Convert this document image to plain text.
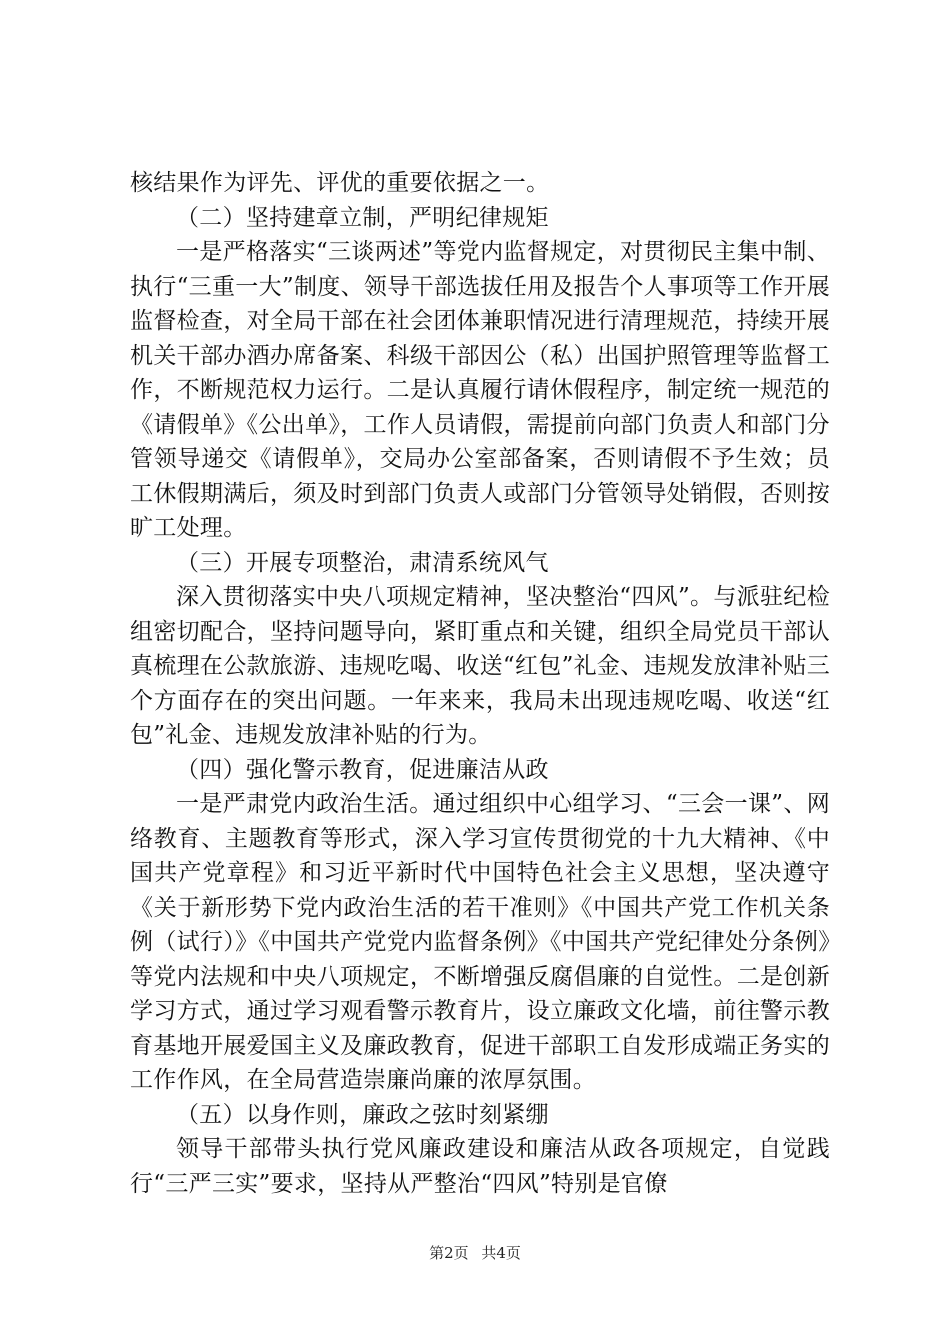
核结果作为评先、评优的重要依据之一。

（二）坚持建章立制，严明纪律规矩

一是严格落实“三谈两述”等党内监督规定，对贯彻民主集中制、执行“三重一大”制度、领导干部选拔任用及报告个人事项等工作开展监督检查，对全局干部在社会团体兼职情况进行清理规范，持续开展机关干部办酒办席备案、科级干部因公（私）出国护照管理等监督工作，不断规范权力运行。二是认真履行请休假程序，制定统一规范的《请假单》《公出单》，工作人员请假，需提前向部门负责人和部门分管领导递交《请假单》，交局办公室部备案，否则请假不予生效；员工休假期满后，须及时到部门负责人或部门分管领导处销假，否则按旷工处理。

（三）开展专项整治，肃清系统风气

深入贯彻落实中央八项规定精神，坚决整治“四风”。与派驻纪检组密切配合，坚持问题导向，紧盯重点和关键，组织全局党员干部认真梳理在公款旅游、违规吃喝、收送“红包”礼金、违规发放津补贴三个方面存在的突出问题。一年来来，我局未出现违规吃喝、收送“红包”礼金、违规发放津补贴的行为。

（四）强化警示教育，促进廉洁从政

一是严肃党内政治生活。通过组织中心组学习、“三会一课”、网络教育、主题教育等形式，深入学习宣传贯彻党的十九大精神、《中国共产党章程》和习近平新时代中国特色社会主义思想，坚决遵守《关于新形势下党内政治生活的若干准则》《中国共产党工作机关条例（试行）》《中国共产党党内监督条例》《中国共产党纪律处分条例》等党内法规和中央八项规定，不断增强反腐倡廉的自觉性。二是创新学习方式，通过学习观看警示教育片，设立廉政文化墙，前往警示教育基地开展爱国主义及廉政教育，促进干部职工自发形成端正务实的工作作风，在全局营造崇廉尚廉的浓厚氛围。

（五）以身作则，廉政之弦时刻紧绷

领导干部带头执行党风廉政建设和廉洁从政各项规定，自觉践行“三严三实”要求，坚持从严整治“四风”特别是官僚

第2页 共4页
